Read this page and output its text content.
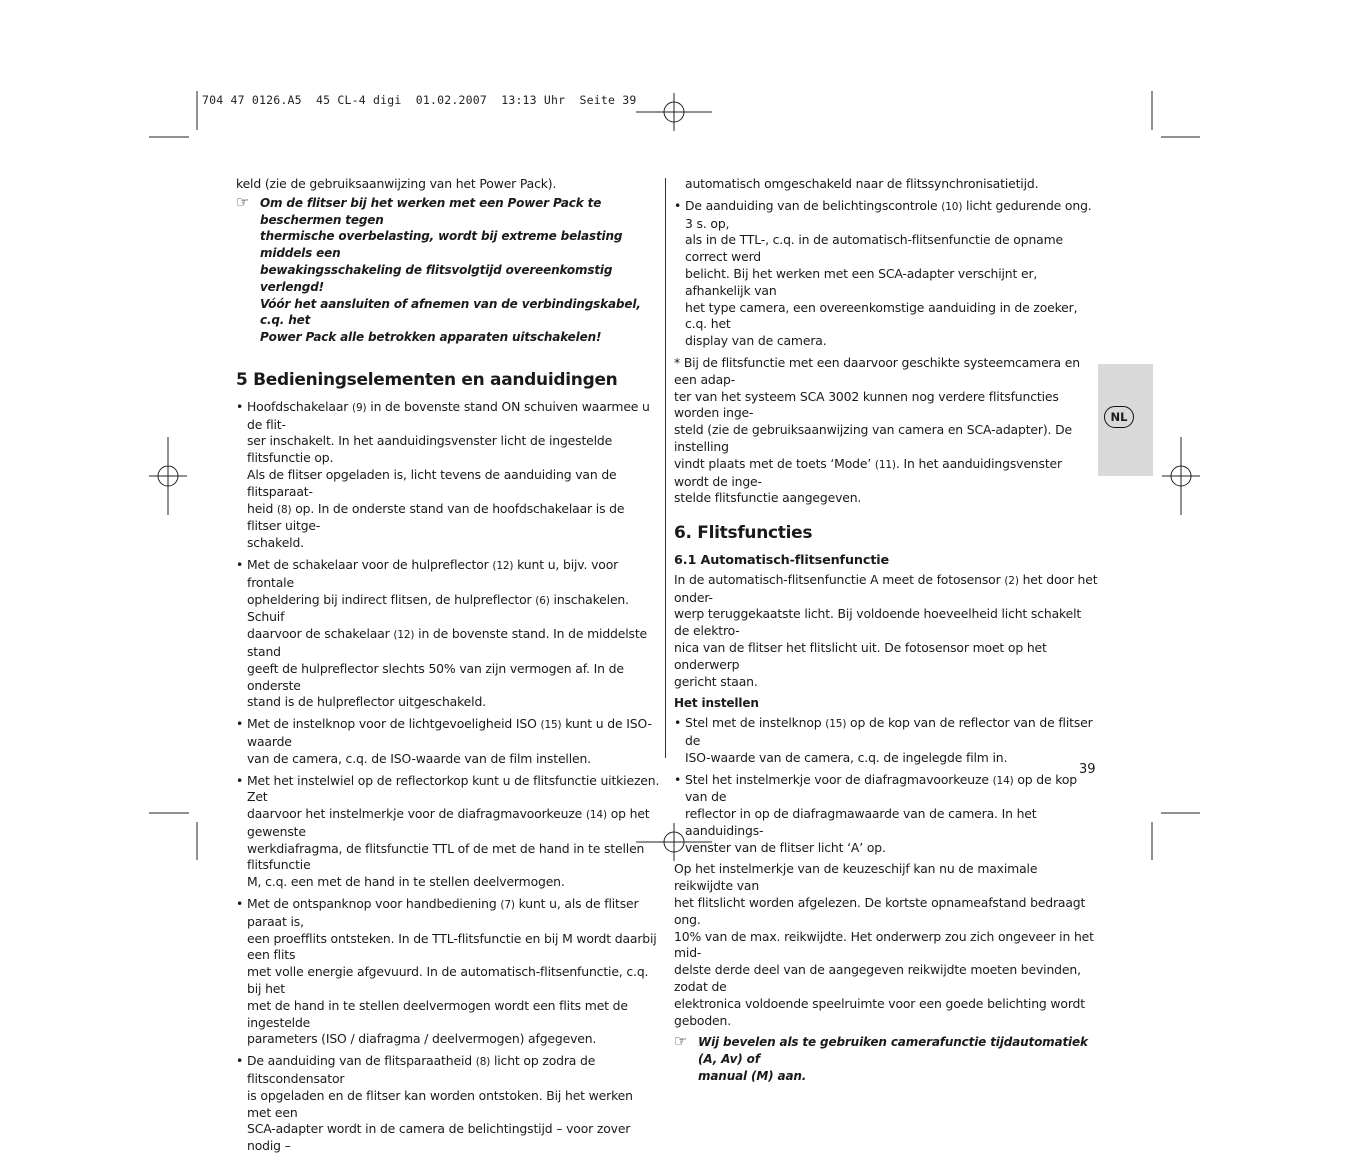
704 47 0126.A5  45 CL-4 digi  01.02.2007  13:13 Uhr  Seite 39

keld (zie de gebruiksaanwijzing van het Power Pack).

☞ Om de flitser bij het werken met een Power Pack te beschermen tegen
thermische overbelasting, wordt bij extreme belasting middels een
bewakingsschakeling de flitsvolgtijd overeenkomstig verlengd!
Vóór het aansluiten of afnemen van de verbindingskabel, c.q. het
Power Pack alle betrokken apparaten uitschakelen!

5 Bedieningselementen en aanduidingen

• Hoofdschakelaar (9) in de bovenste stand ON schuiven waarmee u de flit-
ser inschakelt. In het aanduidingsvenster licht de ingestelde flitsfunctie op.
Als de flitser opgeladen is, licht tevens de aanduiding van de flitsparaat-
heid (8) op. In de onderste stand van de hoofdschakelaar is de flitser uitge-
schakeld.
• Met de schakelaar voor de hulpreflector (12) kunt u, bijv. voor frontale
opheldering bij indirect flitsen, de hulpreflector (6) inschakelen. Schuif
daarvoor de schakelaar (12) in de bovenste stand. In de middelste stand
geeft de hulpreflector slechts 50% van zijn vermogen af. In de onderste
stand is de hulpreflector uitgeschakeld.
• Met de instelknop voor de lichtgevoeligheid ISO (15) kunt u de ISO-waarde
van de camera, c.q. de ISO-waarde van de film instellen.
• Met het instelwiel op de reflectorkop kunt u de flitsfunctie uitkiezen. Zet
daarvoor het instelmerkje voor de diafragmavoorkeuze (14) op het gewenste
werkdiafragma, de flitsfunctie TTL of de met de hand in te stellen flitsfunctie
M, c.q. een met de hand in te stellen deelvermogen.
• Met de ontspanknop voor handbediening (7) kunt u, als de flitser paraat is,
een proefflits ontsteken. In de TTL-flitsfunctie en bij M wordt daarbij een flits
met volle energie afgevuurd. In de automatisch-flitsenfunctie, c.q. bij het
met de hand in te stellen deelvermogen wordt een flits met de ingestelde
parameters (ISO / diafragma / deelvermogen) afgegeven.
• De aanduiding van de flitsparaatheid (8) licht op zodra de flitscondensator
is opgeladen en de flitser kan worden ontstoken. Bij het werken met een
SCA-adapter wordt in de camera de belichtingstijd – voor zover nodig –

automatisch omgeschakeld naar de flitssynchronisatietijd.

• De aanduiding van de belichtingscontrole (10) licht gedurende ong. 3 s. op,
als in de TTL-, c.q. in de automatisch-flitsenfunctie de opname correct werd
belicht. Bij het werken met een SCA-adapter verschijnt er, afhankelijk van
het type camera, een overeenkomstige aanduiding in de zoeker, c.q. het
display van de camera.
* Bij de flitsfunctie met een daarvoor geschikte systeemcamera en een adap-
ter van het systeem SCA 3002 kunnen nog verdere flitsfuncties worden inge-
steld (zie de gebruiksaanwijzing van camera en SCA-adapter). De instelling
vindt plaats met de toets ‘Mode’ (11). In het aanduidingsvenster wordt de inge-
stelde flitsfunctie aangegeven.

6. Flitsfuncties

6.1 Automatisch-flitsenfunctie

In de automatisch-flitsenfunctie A meet de fotosensor (2) het door het onder-
werp teruggekaatste licht. Bij voldoende hoeveelheid licht schakelt de elektro-
nica van de flitser het flitslicht uit. De fotosensor moet op het onderwerp
gericht staan.

Het instellen

• Stel met de instelknop (15) op de kop van de reflector van de flitser de
ISO-waarde van de camera, c.q. de ingelegde film in.
• Stel het instelmerkje voor de diafragmavoorkeuze (14) op de kop van de
reflector in op de diafragmawaarde van de camera. In het aanduidings-
venster van de flitser licht ‘A’ op.
Op het instelmerkje van de keuzeschijf kan nu de maximale reikwijdte van
het flitslicht worden afgelezen. De kortste opnameafstand bedraagt ong.
10% van de max. reikwijdte. Het onderwerp zou zich ongeveer in het mid-
delste derde deel van de aangegeven reikwijdte moeten bevinden, zodat de
elektronica voldoende speelruimte voor een goede belichting wordt geboden.
☞ Wij bevelen als te gebruiken camerafunctie tijdautomatiek (A, Av) of
manual (M) aan.
NL
39
